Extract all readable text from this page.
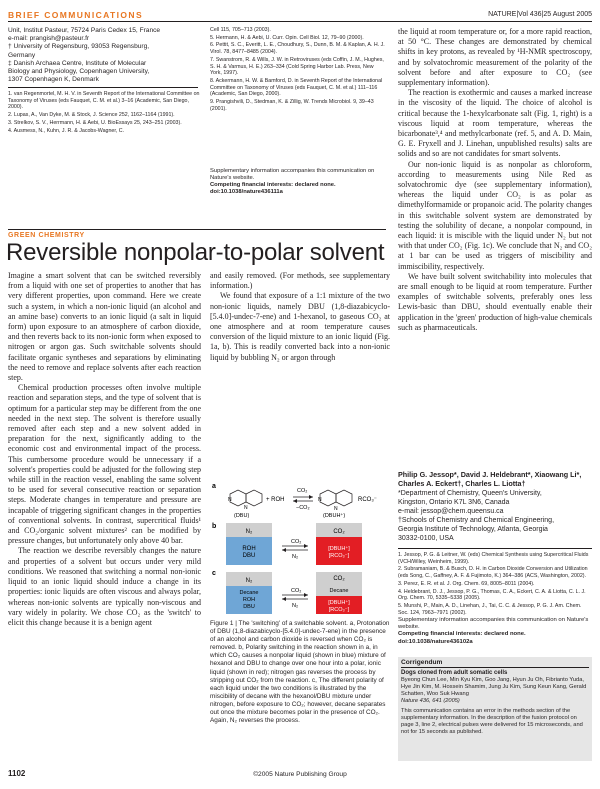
BRIEF COMMUNICATIONS	NATURE|Vol 436|25 August 2005
Unit, Institut Pasteur, 75724 Paris Cedex 15, France
e-mail: prangish@pasteur.fr
† University of Regensburg, 93053 Regensburg,
Germany
‡ Danish Archaea Centre, Institute of Molecular
Biology and Physiology, Copenhagen University,
1307 Copenhagen K, Denmark
1. van Regenmortel, M. H. V. in Seventh Report of the International Committee on Taxonomy of Viruses (eds Fauquet, C. M. et al.) 3–16 (Academic, San Diego, 2000).
2. Lupas, A., Van Dyke, M. & Stock, J. Science 252, 1162–1164 (1991).
3. Strelkov, S. V., Herrmann, H. & Aebi, U. BioEssays 25, 243–251 (2003).
4. Ausmess, N., Kuhn, J. R. & Jacobs-Wagner, C.
Cell 115, 705–713 (2003).
5. Hermann, H. & Aebi, U. Curr. Opin. Cell Biol. 12, 79–90 (2000).
6. Pettit, S. C., Everitt, L. E., Choudhury, S., Dunn, B. M. & Kaplan, A. H. J. Virol. 78, 8477–8485 (2004).
7. Swanstrom, R. & Wills, J. W. in Retroviruses (eds Coffin, J. M., Hughes, S. H. & Varmus, H. E.) 263–334 (Cold Spring Harbor Lab. Press, New York, 1997).
8. Ackermann, H. W. & Bamford, D. in Seventh Report of the International Committee on Taxonomy of Viruses (eds Fauquet, C. M. et al.) 111–116 (Academic, San Diego, 2000).
9. Prangishvili, D., Stedman, K. & Zillig, W. Trends Microbiol. 9, 39–43 (2001).
Supplementary information accompanies this communication on Nature's website.
Competing financial interests: declared none.
doi:10.1038/nature436111a
GREEN CHEMISTRY
Reversible nonpolar-to-polar solvent

Imagine a smart solvent that can be switched reversibly from a liquid with one set of properties to another that has very different properties, upon command. Here we create such a system, in which a non-ionic liquid (an alcohol and an amine base) converts to an ionic liquid (a salt in liquid form) upon exposure to an atmosphere of carbon dioxide, and then reverts back to its non-ionic form when exposed to nitrogen or argon gas. Such switchable solvents should facilitate organic syntheses and separations by eliminating the need to remove and replace solvents after each reaction step.

Chemical production processes often involve multiple reaction and separation steps, and the type of solvent that is optimum for a particular step may be different from the one needed in the next step. The solvent is therefore usually removed after each step and a new solvent added in preparation for the next, significantly adding to the economic cost and environmental impact of the process. This cumbersome procedure would be unnecessary if a solvent's properties could be adjusted for the following step while still in the reaction vessel, enabling the same solvent to be used for several consecutive reaction or separation steps. Moderate changes in temperature and pressure are incapable of triggering significant changes in the properties of conventional solvents. In contrast, supercritical fluids¹ and CO₂/organic solvent mixtures² can be modified by pressure changes, but unfortunately only above 40 bar.

The reaction we describe reversibly changes the nature and properties of a solvent but occurs under very mild conditions. We reasoned that switching a normal non-ionic liquid to an ionic liquid should induce a change in its properties: ionic liquids are often viscous and always polar, whereas non-ionic solvents are typically non-viscous and vary widely in polarity. We chose CO₂ as the 'switch' to elicit this change because it is a benign agent

and easily removed. (For methods, see supplementary information.)

We found that exposure of a 1:1 mixture of the two non-ionic liquids, namely DBU (1,8-diazabicyclo-[5.4.0]-undec-7-ene) and 1-hexanol, to gaseous CO₂ at one atmosphere and at room temperature causes conversion of the liquid mixture to an ionic liquid (Fig. 1a, b). This is readily converted back into a non-ionic liquid by bubbling N₂ or argon through

a
N
N
+ ROH
CO₂
−CO₂
N
N
RCO₃⁻
(DBU)	(DBUH⁺)
b
N₂
ROH
DBU
CO₂
N₂
CO₂
[DBUH⁺]
[RCO₃⁻]
c
N₂
Decane
ROH
DBU
CO₂
N₂
CO₂
Decane
[DBUH⁺]
[RCO₃⁻]
Figure 1 | The 'switching' of a switchable solvent. a, Protonation of DBU (1,8-diazabicyclo-[5.4.0]-undec-7-ene) in the presence of an alcohol and carbon dioxide is reversed when CO₂ is removed. b, Polarity switching in the reaction shown in a, in which CO₂ causes a nonpolar liquid (shown in blue) mixture of hexanol and DBU to change over one hour into a polar, ionic liquid (shown in red); nitrogen gas reverses the process by stripping out CO₂ from the reaction. c, The different polarity of each liquid under the two conditions is illustrated by the miscibility of decane with the hexanol/DBU mixture under nitrogen, before exposure to CO₂; however, decane separates out once the mixture becomes polar in the presence of CO₂. Again, N₂ reverses the process.

the liquid at room temperature or, for a more rapid reaction, at 50 °C. These changes are demonstrated by chemical shifts in key protons, as revealed by ¹H-NMR spectroscopy, and by solvatochromic measurement of the polarity of the solvent before and after exposure to CO₂ (see supplementary information).

The reaction is exothermic and causes a marked increase in the viscosity of the liquid. The choice of alcohol is critical because the 1-hexylcarbonate salt (Fig. 1, right) is a viscous liquid at room temperature, whereas the bicarbonate³,⁴ and methylcarbonate (ref. 5, and A. D. Main, G. E. Fryxell and J. Linehan, unpublished results) salts are solids and so are not candidates for smart solvents.

Our non-ionic liquid is as nonpolar as chloroform, according to measurements using Nile Red as solvatochromic dye (see supplementary information), whereas the liquid under CO₂ is as polar as dimethylformamide or propanoic acid. The polarity changes in this switchable solvent system are demonstrated by testing the solubility of decane, a nonpolar compound, in each liquid: it is miscible with the liquid under N₂ but not with that under CO₂ (Fig. 1c). We conclude that N₂ and CO₂ at 1 bar can be used as triggers of miscibility and immiscibility, respectively.

We have built solvent switchability into molecules that are small enough to be liquid at room temperature. Further examples of switchable solvents, preferably ones less Lewis-basic than DBU, should eventually enable their application in the 'green' production of high-value chemicals such as pharmaceuticals.

Philip G. Jessop*, David J. Heldebrant*, Xiaowang Li*, Charles A. Eckert†, Charles L. Liotta†
*Department of Chemistry, Queen's University,
Kingston, Ontario K7L 3N6, Canada
e-mail: jessop@chem.queensu.ca
†Schools of Chemistry and Chemical Engineering,
Georgia Institute of Technology, Atlanta, Georgia
30332-0100, USA
1. Jessop, P. G. & Leitner, W. (eds) Chemical Synthesis using Supercritical Fluids (VCH/Wiley, Weinheim, 1999).
2. Subramaniam, B. & Busch, D. H. in Carbon Dioxide Conversion and Utilization (eds Song, C., Gaffney, A. F. & Fujimoto, K.) 364–386 (ACS, Washington, 2002).
3. Perez, E. R. et al. J. Org. Chem. 69, 8005–8011 (2004).
4. Heldebrant, D. J., Jessop, P. G., Thomas, C. A., Eckert, C. A. & Liotta, C. L. J. Org. Chem. 70, 5335–5338 (2005).
5. Munshi, P., Main, A. D., Linehan, J., Tai, C. C. & Jessop, P. G. J. Am. Chem. Soc. 124, 7963–7971 (2002).
Supplementary information accompanies this communication on Nature's website.
Competing financial interests: declared none.
doi:10.1038/nature436102a
Corrigendum
Dogs cloned from adult somatic cells
Byeong Chun Lee, Min Kyu Kim, Goo Jang, Hyun Ju Oh, Fibrianto Yuda, Hye Jin Kim, M. Hossein Shamim, Jung Ju Kim, Sung Keun Kang, Gerald Schatten, Woo Suk Hwang
Nature 436, 641 (2005)
This communication contains an error in the methods section of the supplementary information. In the description of the fusion protocol on page 3, line 2, electrical pulses were delivered for 15 microseconds, and not for 15 seconds as published.
1102	©2005 Nature Publishing Group
